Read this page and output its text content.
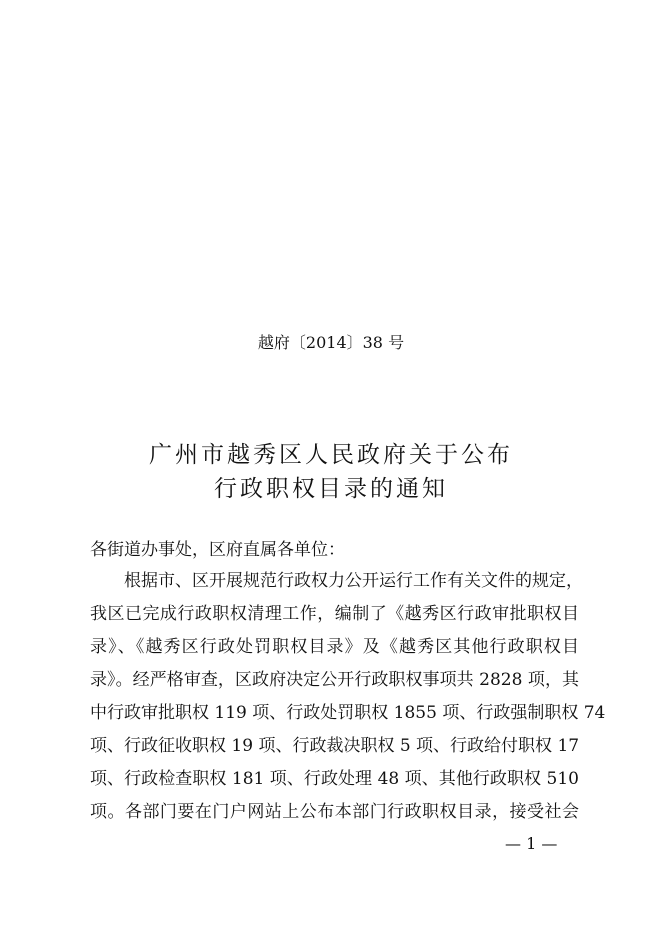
越府〔2014〕38 号
广州市越秀区人民政府关于公布
行政职权目录的通知
各街道办事处，区府直属各单位：
根据市、区开展规范行政权力公开运行工作有关文件的规定，
我区已完成行政职权清理工作，编制了《越秀区行政审批职权目
录》、《越秀区行政处罚职权目录》及《越秀区其他行政职权目
录》。经严格审查，区政府决定公开行政职权事项共 2828 项，其
中行政审批职权 119 项、行政处罚职权 1855 项、行政强制职权 74
项、行政征收职权 19 项、行政裁决职权 5 项、行政给付职权 17
项、行政检查职权 181 项、行政处理 48 项、其他行政职权 510
项。各部门要在门户网站上公布本部门行政职权目录，接受社会
— 1 —
